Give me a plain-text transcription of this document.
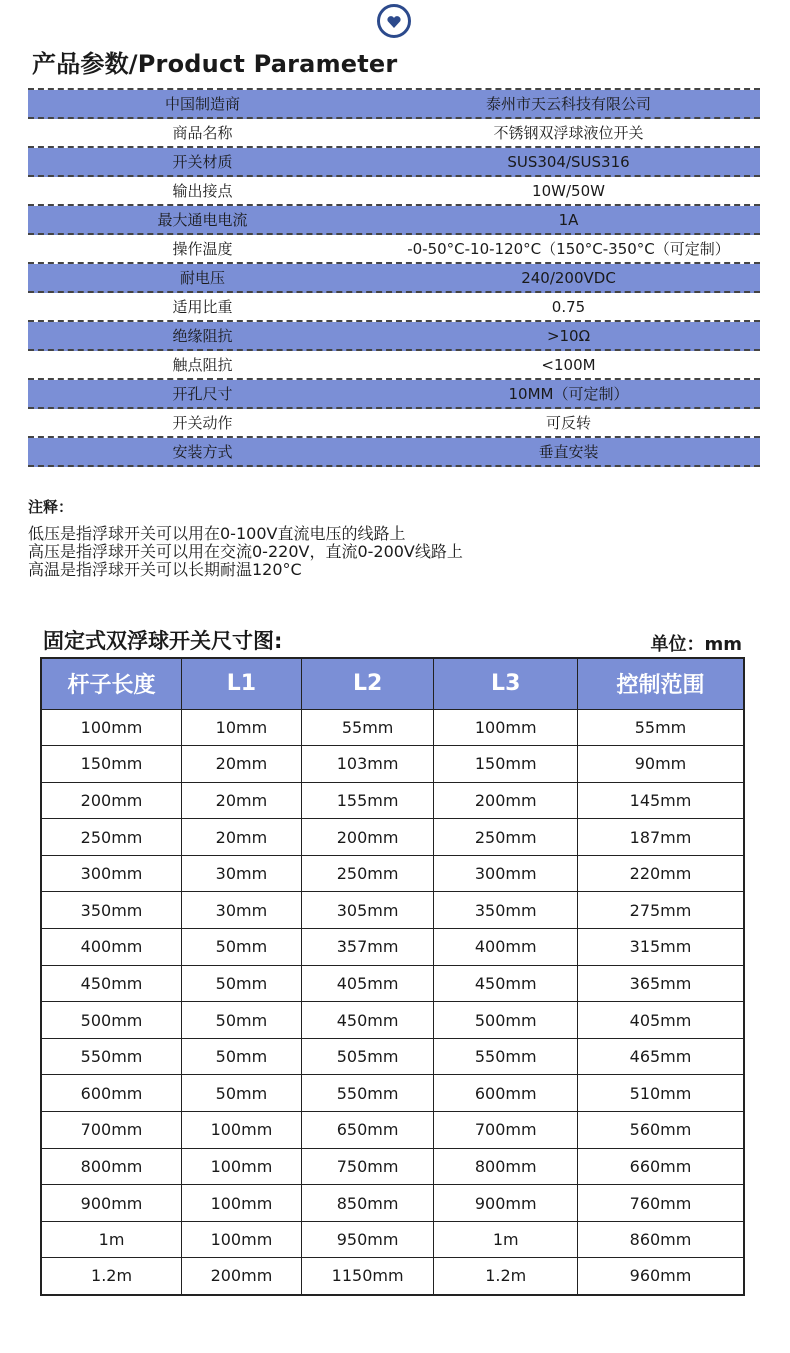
产品参数/Product Parameter
中国制造商	泰州市天云科技有限公司
商品名称	不锈钢双浮球液位开关
开关材质	SUS304/SUS316
输出接点	10W/50W
最大通电电流	1A
操作温度	-0-50°C-10-120°C（150°C-350°C（可定制）
耐电压	240/200VDC
适用比重	0.75
绝缘阻抗	>10Ω
触点阻抗	<100M
开孔尺寸	10MM（可定制）
开关动作	可反转
安装方式	垂直安装
注释：
低压是指浮球开关可以用在0-100V直流电压的线路上
高压是指浮球开关可以用在交流0-220V，直流0-200V线路上
高温是指浮球开关可以长期耐温120°C
固定式双浮球开关尺寸图:	单位：mm
杆子长度	L1	L2	L3	控制范围
100mm	10mm	55mm	100mm	55mm
150mm	20mm	103mm	150mm	90mm
200mm	20mm	155mm	200mm	145mm
250mm	20mm	200mm	250mm	187mm
300mm	30mm	250mm	300mm	220mm
350mm	30mm	305mm	350mm	275mm
400mm	50mm	357mm	400mm	315mm
450mm	50mm	405mm	450mm	365mm
500mm	50mm	450mm	500mm	405mm
550mm	50mm	505mm	550mm	465mm
600mm	50mm	550mm	600mm	510mm
700mm	100mm	650mm	700mm	560mm
800mm	100mm	750mm	800mm	660mm
900mm	100mm	850mm	900mm	760mm
1m	100mm	950mm	1m	860mm
1.2m	200mm	1150mm	1.2m	960mm
